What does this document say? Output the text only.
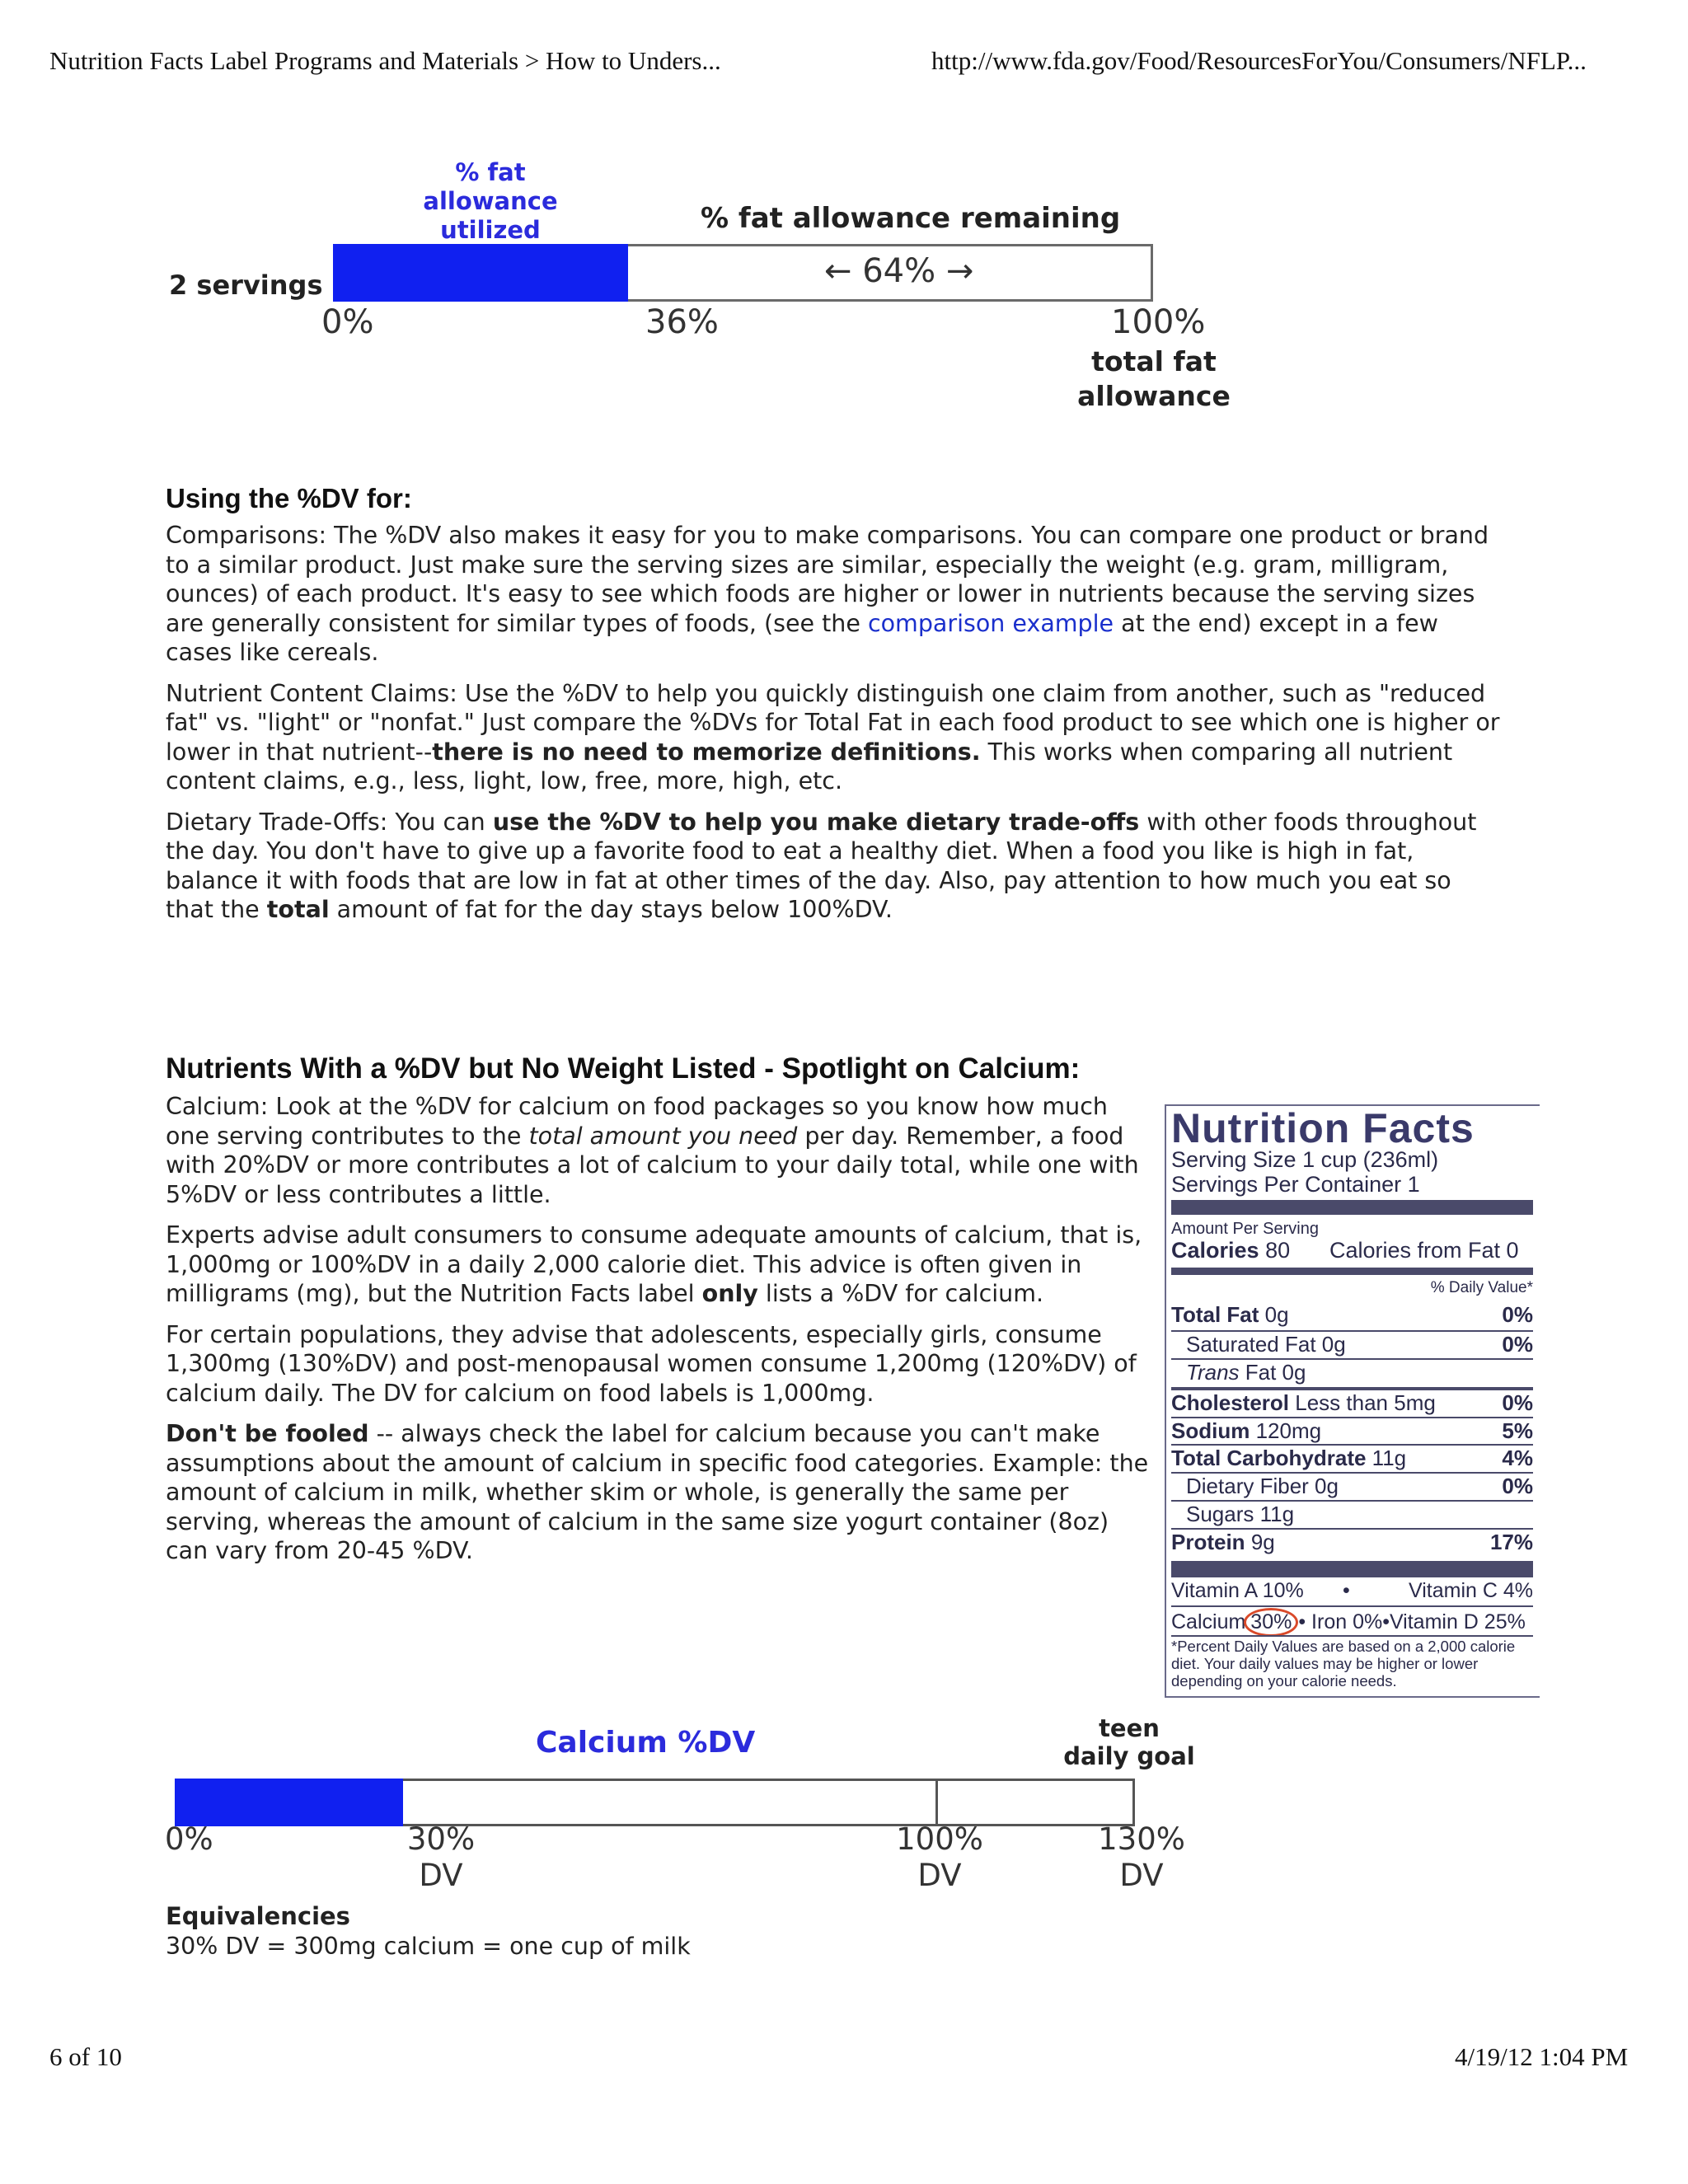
Nutrition Facts Label Programs and Materials > How to Unders...	http://www.fda.gov/Food/ResourcesForYou/Consumers/NFLP...
% fat
allowance
utilized	% fat allowance remaining
2 servings	← 64% →
0%	36%	100%
total fat
allowance
Using the %DV for:

Comparisons: The %DV also makes it easy for you to make comparisons. You can compare one product or brand to a similar product. Just make sure the serving sizes are similar, especially the weight (e.g. gram, milligram, ounces) of each product. It's easy to see which foods are higher or lower in nutrients because the serving sizes are generally consistent for similar types of foods, (see the comparison example at the end) except in a few cases like cereals.

Nutrient Content Claims: Use the %DV to help you quickly distinguish one claim from another, such as "reduced fat" vs. "light" or "nonfat." Just compare the %DVs for Total Fat in each food product to see which one is higher or lower in that nutrient--there is no need to memorize definitions. This works when comparing all nutrient content claims, e.g., less, light, low, free, more, high, etc.

Dietary Trade-Offs: You can use the %DV to help you make dietary trade-offs with other foods throughout the day. You don't have to give up a favorite food to eat a healthy diet. When a food you like is high in fat, balance it with foods that are low in fat at other times of the day. Also, pay attention to how much you eat so that the total amount of fat for the day stays below 100%DV.

Nutrients With a %DV but No Weight Listed - Spotlight on Calcium:

Calcium: Look at the %DV for calcium on food packages so you know how much one serving contributes to the total amount you need per day. Remember, a food with 20%DV or more contributes a lot of calcium to your daily total, while one with 5%DV or less contributes a little.

Experts advise adult consumers to consume adequate amounts of calcium, that is, 1,000mg or 100%DV in a daily 2,000 calorie diet. This advice is often given in milligrams (mg), but the Nutrition Facts label only lists a %DV for calcium.

For certain populations, they advise that adolescents, especially girls, consume 1,300mg (130%DV) and post-menopausal women consume 1,200mg (120%DV) of calcium daily. The DV for calcium on food labels is 1,000mg.

Don't be fooled -- always check the label for calcium because you can't make assumptions about the amount of calcium in specific food categories. Example: the amount of calcium in milk, whether skim or whole, is generally the same per serving, whereas the amount of calcium in the same size yogurt container (8oz) can vary from 20-45 %DV.

Nutrition Facts
Serving Size 1 cup (236ml)
Servings Per Container 1
Amount Per Serving
Calories 80 Calories from Fat 0
% Daily Value*
Total Fat 0g	0%
Saturated Fat 0g	0%
Trans Fat 0g
Cholesterol Less than 5mg	0%
Sodium 120mg	5%
Total Carbohydrate 11g	4%
Dietary Fiber 0g	0%
Sugars 11g
Protein 9g	17%
Vitamin A 10% •	Vitamin C 4%
Calcium 30% • Iron 0%•Vitamin D 25%
*Percent Daily Values are based on a 2,000 calorie diet. Your daily values may be higher or lower depending on your calorie needs.
Calcium %DV	teen
daily goal
0%	30%
DV
100%
DV
130%
DV
Equivalencies
30% DV = 300mg calcium = one cup of milk
6 of 10	4/19/12 1:04 PM
